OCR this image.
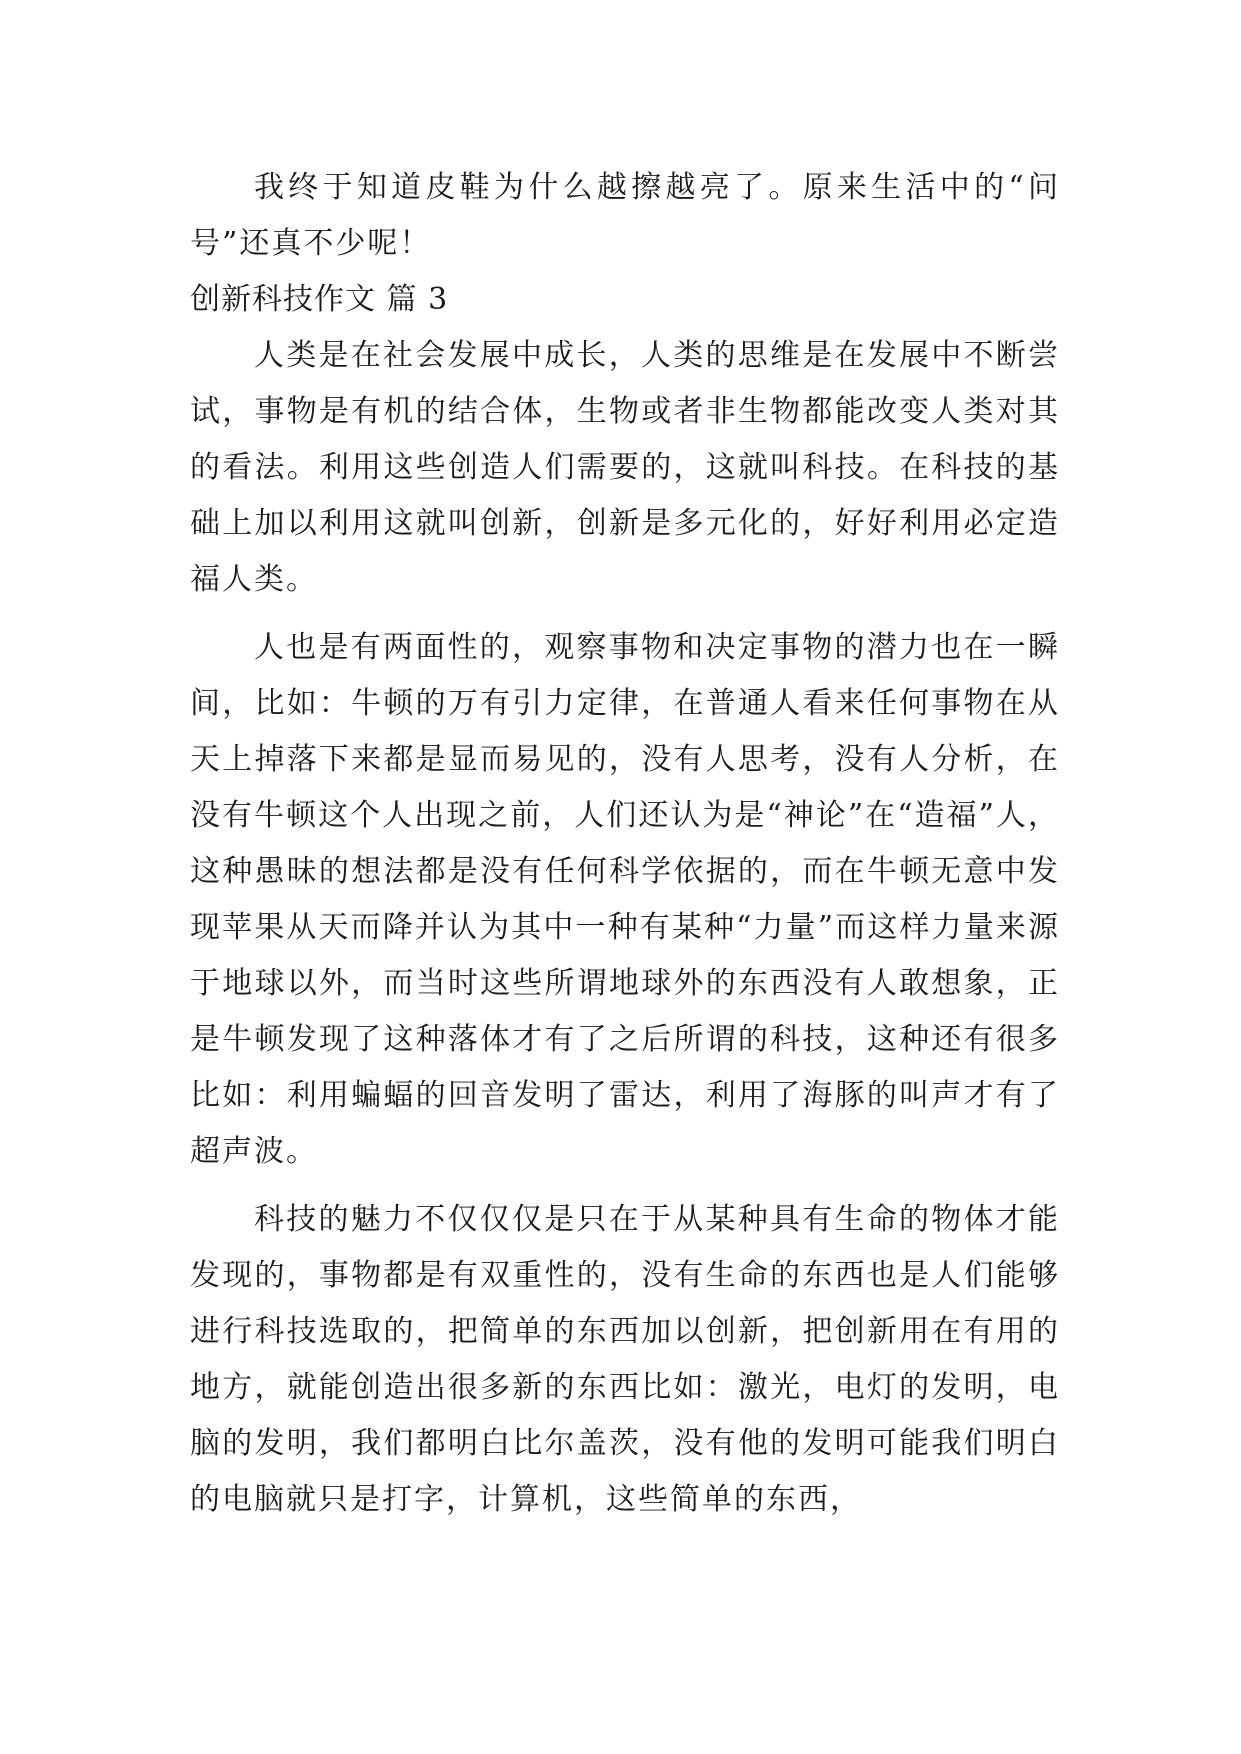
我终于知道皮鞋为什么越擦越亮了。原来生活中的“问号”还真不少呢！

创新科技作文 篇 3

人类是在社会发展中成长，人类的思维是在发展中不断尝试，事物是有机的结合体，生物或者非生物都能改变人类对其的看法。利用这些创造人们需要的，这就叫科技。在科技的基础上加以利用这就叫创新，创新是多元化的，好好利用必定造福人类。

人也是有两面性的，观察事物和决定事物的潜力也在一瞬间，比如：牛顿的万有引力定律，在普通人看来任何事物在从天上掉落下来都是显而易见的，没有人思考，没有人分析，在没有牛顿这个人出现之前，人们还认为是“神论”在“造福”人，这种愚昧的想法都是没有任何科学依据的，而在牛顿无意中发现苹果从天而降并认为其中一种有某种“力量”而这样力量来源于地球以外，而当时这些所谓地球外的东西没有人敢想象，正是牛顿发现了这种落体才有了之后所谓的科技，这种还有很多比如：利用蝙蝠的回音发明了雷达，利用了海豚的叫声才有了超声波。

科技的魅力不仅仅仅是只在于从某种具有生命的物体才能发现的，事物都是有双重性的，没有生命的东西也是人们能够进行科技选取的，把简单的东西加以创新，把创新用在有用的地方，就能创造出很多新的东西比如：激光，电灯的发明，电脑的发明，我们都明白比尔盖茨，没有他的发明可能我们明白的电脑就只是打字，计算机，这些简单的东西，
